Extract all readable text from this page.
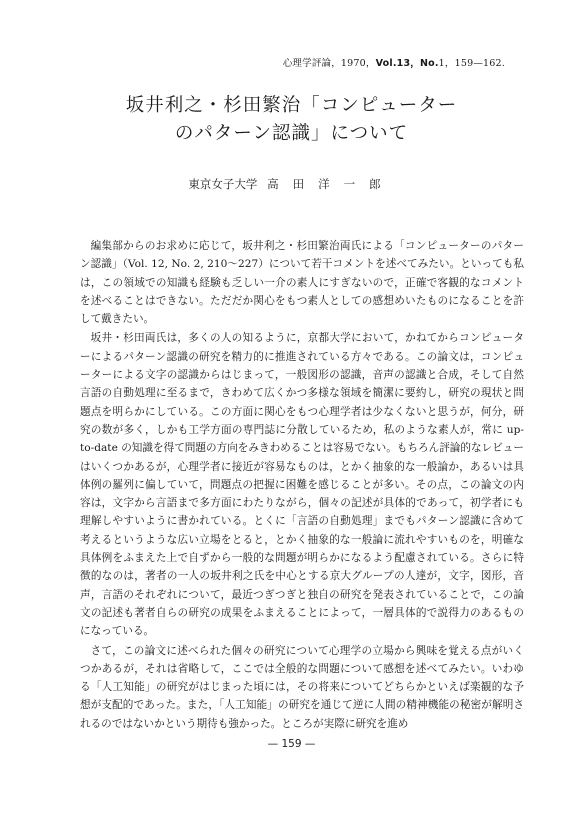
心理学評論，1970，Vol.13，No.1，159—162.
坂井利之・杉田繁治「コンピューター
のパターン認識」について
東京女子大学 高田洋一郎

編集部からのお求めに応じて，坂井利之・杉田繁治両氏による「コンピューターのパターン認識」（Vol. 12, No. 2, 210〜227）について若干コメントを述べてみたい。といっても私は，この領域での知識も経験も乏しい一介の素人にすぎないので，正確で客観的なコメントを述べることはできない。ただだか関心をもつ素人としての感想めいたものになることを許して戴きたい。

坂井・杉田両氏は，多くの人の知るように，京都大学において，かねてからコンピューターによるパターン認識の研究を精力的に推進されている方々である。この論文は，コンピューターによる文字の認識からはじまって，一般図形の認識，音声の認識と合成，そして自然言語の自動処理に至るまで，きわめて広くかつ多様な領域を簡潔に要約し，研究の現状と問題点を明らかにしている。この方面に関心をもつ心理学者は少なくないと思うが，何分，研究の数が多く，しかも工学方面の専門誌に分散しているため，私のような素人が，常に up-to-date の知識を得て問題の方向をみきわめることは容易でない。もちろん評論的なレビューはいくつかあるが，心理学者に接近が容易なものは，とかく抽象的な一般論か，あるいは具体例の羅列に偏していて，問題点の把握に困難を感じることが多い。その点，この論文の内容は，文字から言語まで多方面にわたりながら，個々の記述が具体的であって，初学者にも理解しやすいように書かれている。とくに「言語の自動処理」までもパターン認識に含めて考えるというような広い立場をとると，とかく抽象的な一般論に流れやすいものを，明確な具体例をふまえた上で自ずから一般的な問題が明らかになるよう配慮されている。さらに特徴的なのは，著者の一人の坂井利之氏を中心とする京大グループの人達が，文字，図形，音声，言語のそれぞれについて，最近つぎつぎと独自の研究を発表されていることで，この論文の記述も著者自らの研究の成果をふまえることによって，一層具体的で説得力のあるものになっている。

さて，この論文に述べられた個々の研究について心理学の立場から興味を覚える点がいくつかあるが，それは省略して，ここでは全般的な問題について感想を述べてみたい。いわゆる「人工知能」の研究がはじまった頃には，その将来についてどちらかといえば楽観的な予想が支配的であった。また，「人工知能」の研究を通じて逆に人間の精神機能の秘密が解明されるのではないかという期待も強かった。ところが実際に研究を進め

— 159 —
